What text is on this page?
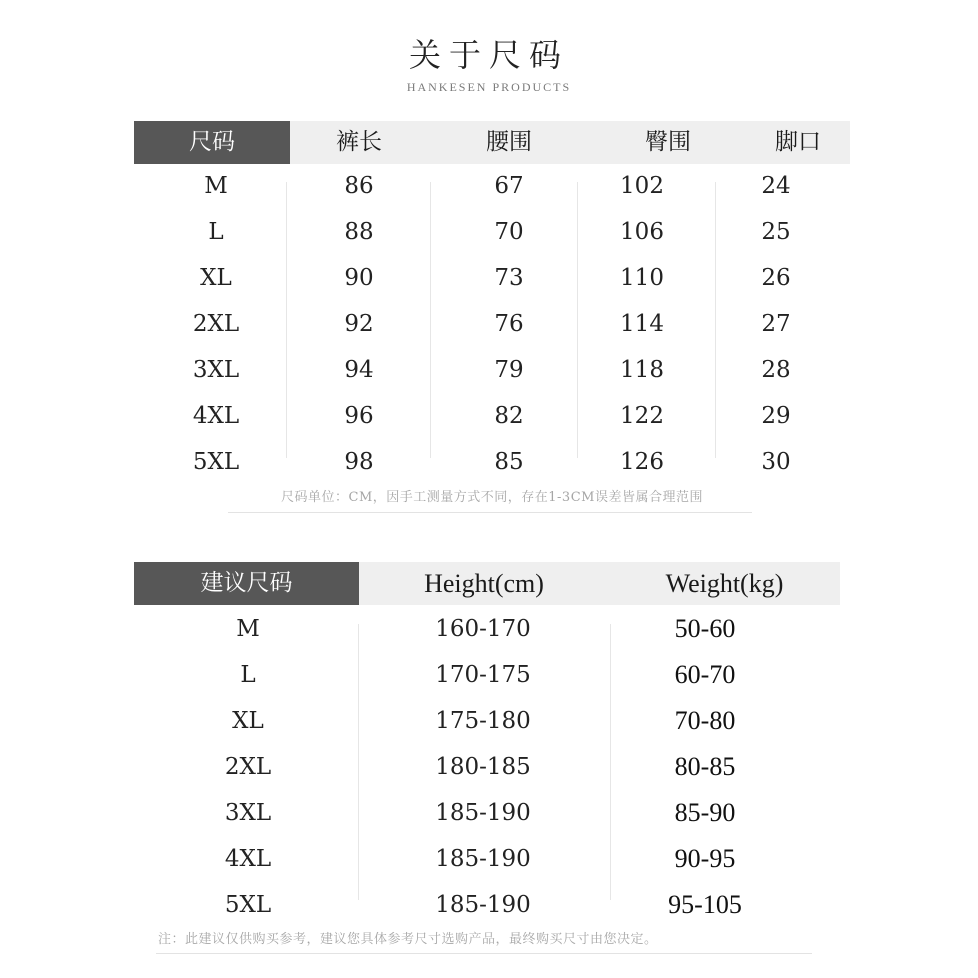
关于尺码
HANKESEN PRODUCTS
尺码	裤长	腰围	臀围	脚口
M	86	67	102	24
L	88	70	106	25
XL	90	73	110	26
2XL	92	76	114	27
3XL	94	79	118	28
4XL	96	82	122	29
5XL	98	85	126	30
尺码单位：CM，因手工测量方式不同，存在1-3CM误差皆属合理范围
建议尺码	Height(cm)	Weight(kg)
M	160-170	50-60
L	170-175	60-70
XL	175-180	70-80
2XL	180-185	80-85
3XL	185-190	85-90
4XL	185-190	90-95
5XL	185-190	95-105
注：此建议仅供购买参考，建议您具体参考尺寸选购产品，最终购买尺寸由您决定。
